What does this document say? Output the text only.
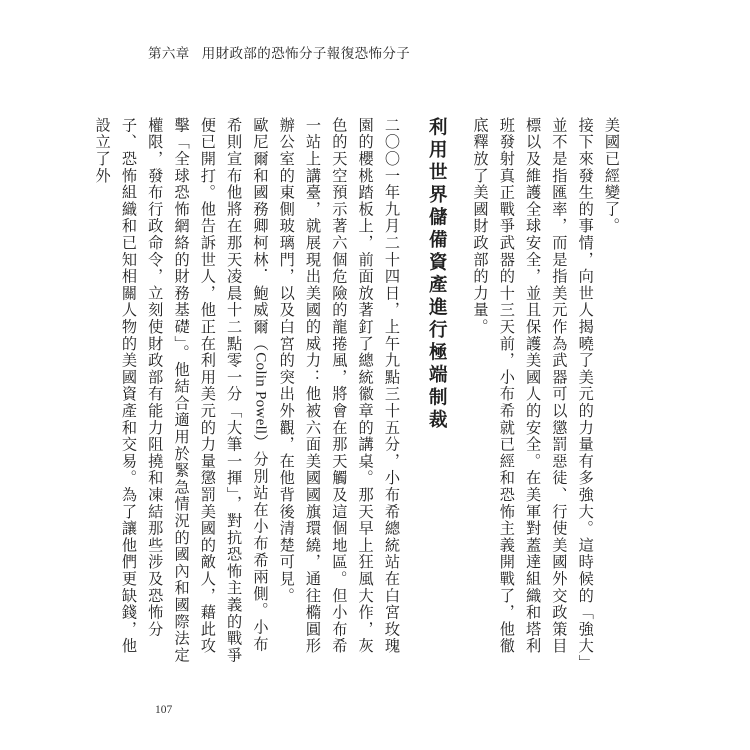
第六章 用財政部的恐怖分子報復恐怖分子

美國已經變了。

接下來發生的事情，向世人揭曉了美元的力量有多強大。這時候的「強大」並不是指匯率，而是指美元作為武器可以懲罰惡徒、行使美國外交政策目標以及維護全球安全，並且保護美國人的安全。在美軍對蓋達組織和塔利班發射真正戰爭武器的十三天前，小布希就已經和恐怖主義開戰了，他徹底釋放了美國財政部的力量。

利用世界儲備資產進行極端制裁

二〇〇一年九月二十四日，上午九點三十五分，小布希總統站在白宮玫瑰園的櫻桃踏板上，前面放著釘了總統徽章的講桌。那天早上狂風大作，灰色的天空預示著六個危險的龍捲風，將會在那天觸及這個地區。但小布希一站上講臺，就展現出美國的威力：他被六面美國國旗環繞，通往橢圓形辦公室的東側玻璃門，以及白宮的突出外觀，在他背後清楚可見。

歐尼爾和國務卿柯林．鮑威爾（Colin Powell）分別站在小布希兩側。小布希則宣布他將在那天凌晨十二點零一分「大筆一揮」，對抗恐怖主義的戰爭便已開打。他告訴世人，他正在利用美元的力量懲罰美國的敵人，藉此攻擊「全球恐怖網絡的財務基礎」。他結合適用於緊急情況的國內和國際法定權限，發布行政命令，立刻使財政部有能力阻撓和凍結那些涉及恐怖分子、恐怖組織和已知相關人物的美國資產和交易。為了讓他們更缺錢，他設立了外

107
